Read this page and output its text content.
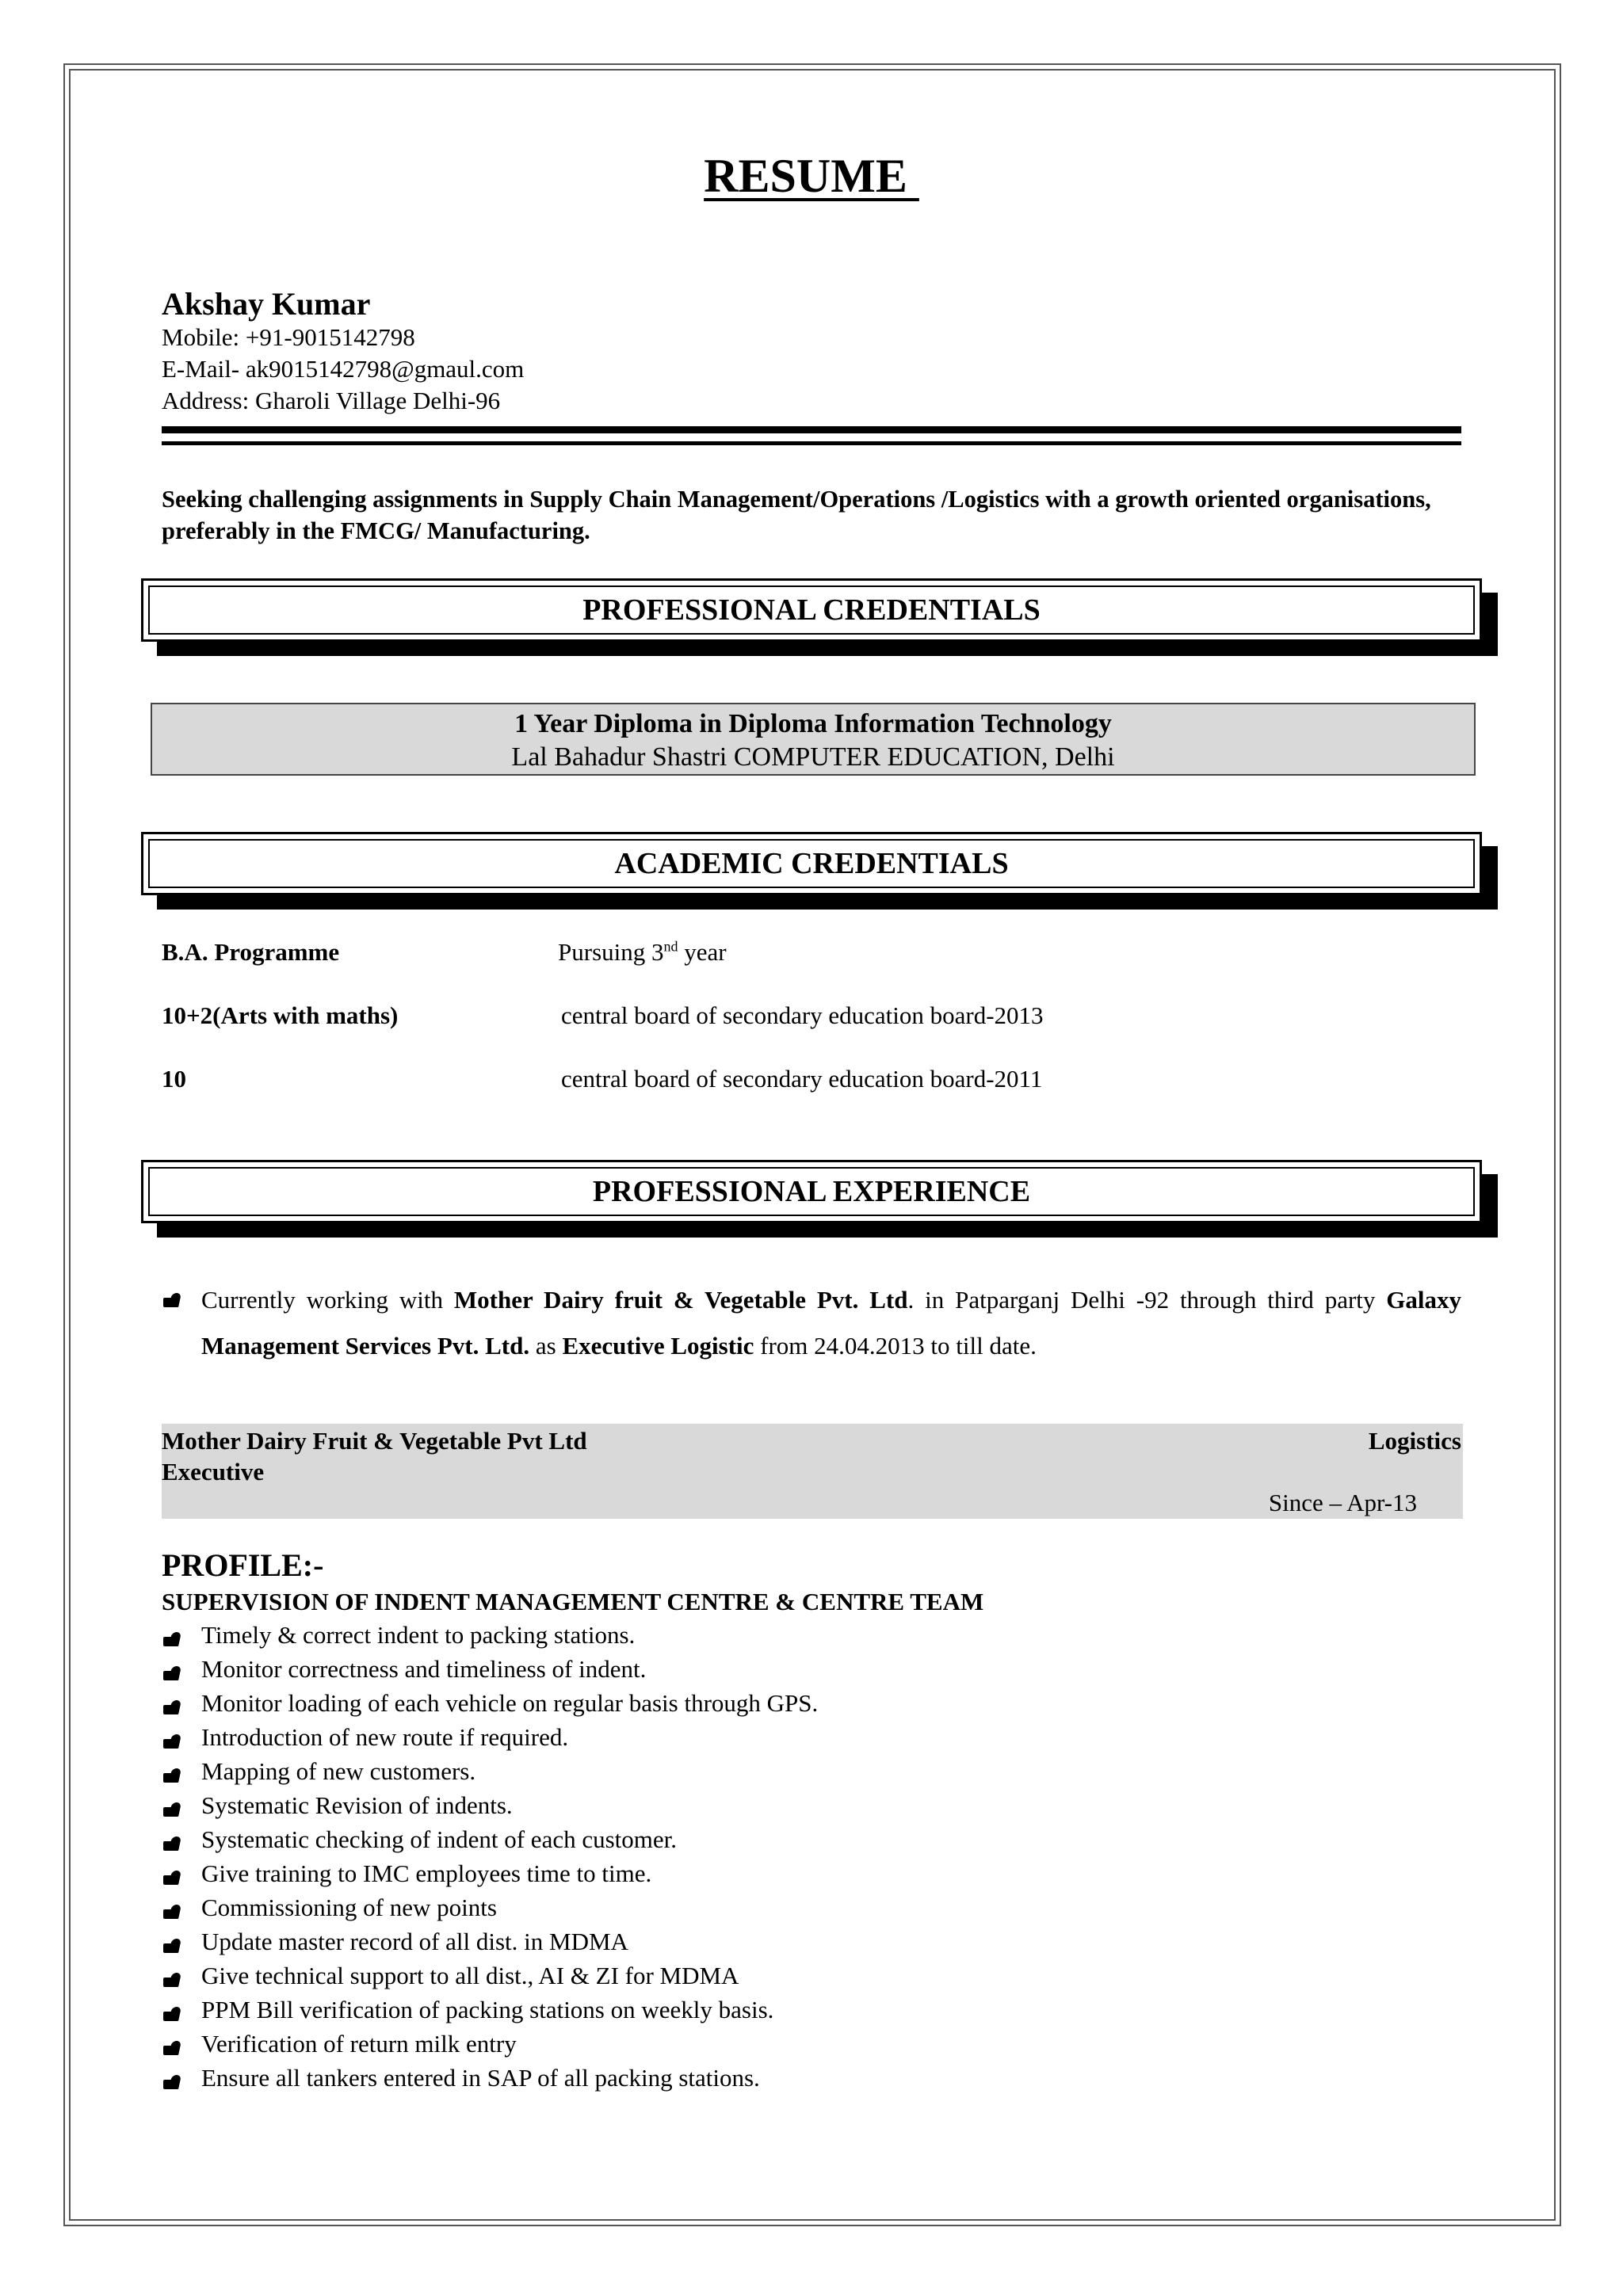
RESUME
Akshay Kumar
Mobile: +91-9015142798
E-Mail- ak9015142798@gmaul.com
Address: Gharoli Village Delhi-96
Seeking challenging assignments in Supply Chain Management/Operations /Logistics with a growth oriented organisations, preferably in the FMCG/ Manufacturing.
PROFESSIONAL CREDENTIALS
1 Year Diploma in Diploma Information Technology
Lal Bahadur Shastri COMPUTER EDUCATION, Delhi
ACADEMIC CREDENTIALS
B.A. Programme	Pursuing 3nd year
10+2(Arts with maths)	central board of secondary education board-2013
10	central board of secondary education board-2011
PROFESSIONAL EXPERIENCE
Currently working with Mother Dairy fruit & Vegetable Pvt. Ltd. in Patparganj Delhi -92 through third party Galaxy Management Services Pvt. Ltd. as Executive Logistic from 24.04.2013 to till date.
Mother Dairy Fruit & Vegetable Pvt Ltd	Logistics
Executive
Since – Apr-13
PROFILE:-
SUPERVISION OF INDENT MANAGEMENT CENTRE & CENTRE TEAM
Timely & correct indent to packing stations.
Monitor correctness and timeliness of indent.
Monitor loading of each vehicle on regular basis through GPS.
Introduction of new route if required.
Mapping of new customers.
Systematic Revision of indents.
Systematic checking of indent of each customer.
Give training to IMC employees time to time.
Commissioning of new points
Update master record of all dist. in MDMA
Give technical support to all dist., AI & ZI for MDMA
PPM Bill verification of packing stations on weekly basis.
Verification of return milk entry
Ensure all tankers entered in SAP of all packing stations.
